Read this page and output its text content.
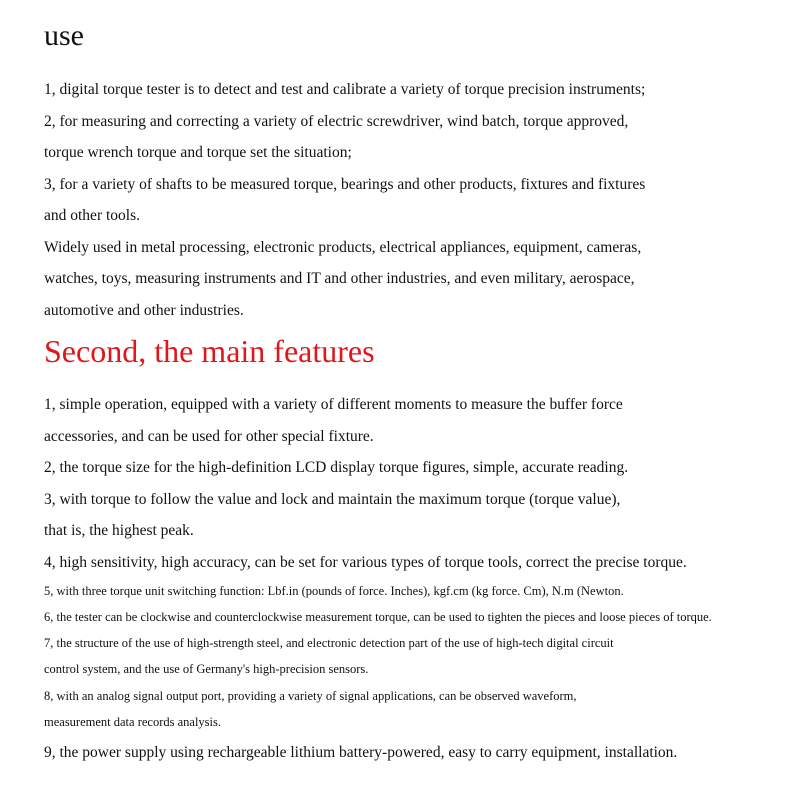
use
1, digital torque tester is to detect and test and calibrate a variety of torque precision instruments;
2, for measuring and correcting a variety of electric screwdriver, wind batch, torque approved,
torque wrench torque and torque set the situation;
3, for a variety of shafts to be measured torque, bearings and other products, fixtures and fixtures
and other tools.
Widely used in metal processing, electronic products, electrical appliances, equipment, cameras,
watches, toys, measuring instruments and IT and other industries, and even military, aerospace,
automotive and other industries.
Second, the main features
1, simple operation, equipped with a variety of different moments to measure the buffer force
accessories, and can be used for other special fixture.
2, the torque size for the high-definition LCD display torque figures, simple, accurate reading.
3, with torque to follow the value and lock and maintain the maximum torque (torque value),
that is, the highest peak.
4, high sensitivity, high accuracy, can be set for various types of torque tools, correct the precise torque.
5, with three torque unit switching function: Lbf.in (pounds of force. Inches), kgf.cm (kg force. Cm), N.m (Newton.
6, the tester can be clockwise and counterclockwise measurement torque, can be used to tighten the pieces and loose pieces of torque.
7, the structure of the use of high-strength steel, and electronic detection part of the use of high-tech digital circuit
control system, and the use of Germany's high-precision sensors.
8, with an analog signal output port, providing a variety of signal applications, can be observed waveform,
measurement data records analysis.
9, the power supply using rechargeable lithium battery-powered, easy to carry equipment, installation.
